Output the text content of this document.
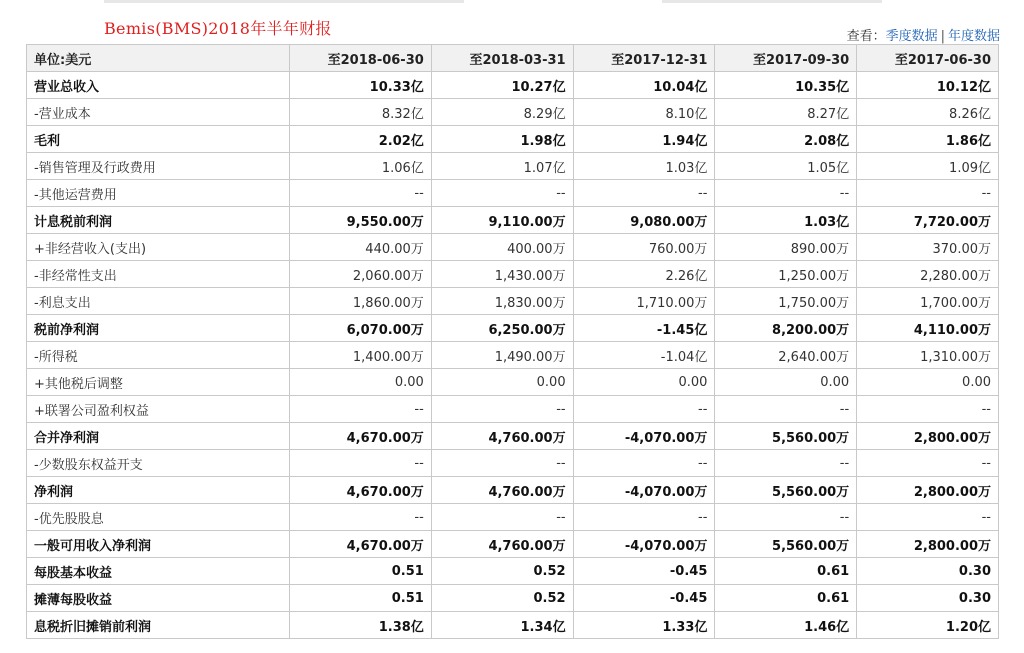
Bemis(BMS)2018年半年财报	查看：季度数据 | 年度数据
单位:美元	至2018-06-30	至2018-03-31	至2017-12-31	至2017-09-30	至2017-06-30
营业总收入	10.33亿	10.27亿	10.04亿	10.35亿	10.12亿
-营业成本	8.32亿	8.29亿	8.10亿	8.27亿	8.26亿
毛利	2.02亿	1.98亿	1.94亿	2.08亿	1.86亿
-销售管理及行政费用	1.06亿	1.07亿	1.03亿	1.05亿	1.09亿
-其他运营费用	--	--	--	--	--
计息税前利润	9,550.00万	9,110.00万	9,080.00万	1.03亿	7,720.00万
+非经营收入(支出)	440.00万	400.00万	760.00万	890.00万	370.00万
-非经常性支出	2,060.00万	1,430.00万	2.26亿	1,250.00万	2,280.00万
-利息支出	1,860.00万	1,830.00万	1,710.00万	1,750.00万	1,700.00万
税前净利润	6,070.00万	6,250.00万	-1.45亿	8,200.00万	4,110.00万
-所得税	1,400.00万	1,490.00万	-1.04亿	2,640.00万	1,310.00万
+其他税后调整	0.00	0.00	0.00	0.00	0.00
+联署公司盈利权益	--	--	--	--	--
合并净利润	4,670.00万	4,760.00万	-4,070.00万	5,560.00万	2,800.00万
-少数股东权益开支	--	--	--	--	--
净利润	4,670.00万	4,760.00万	-4,070.00万	5,560.00万	2,800.00万
-优先股股息	--	--	--	--	--
一般可用收入净利润	4,670.00万	4,760.00万	-4,070.00万	5,560.00万	2,800.00万
每股基本收益	0.51	0.52	-0.45	0.61	0.30
摊薄每股收益	0.51	0.52	-0.45	0.61	0.30
息税折旧摊销前利润	1.38亿	1.34亿	1.33亿	1.46亿	1.20亿
